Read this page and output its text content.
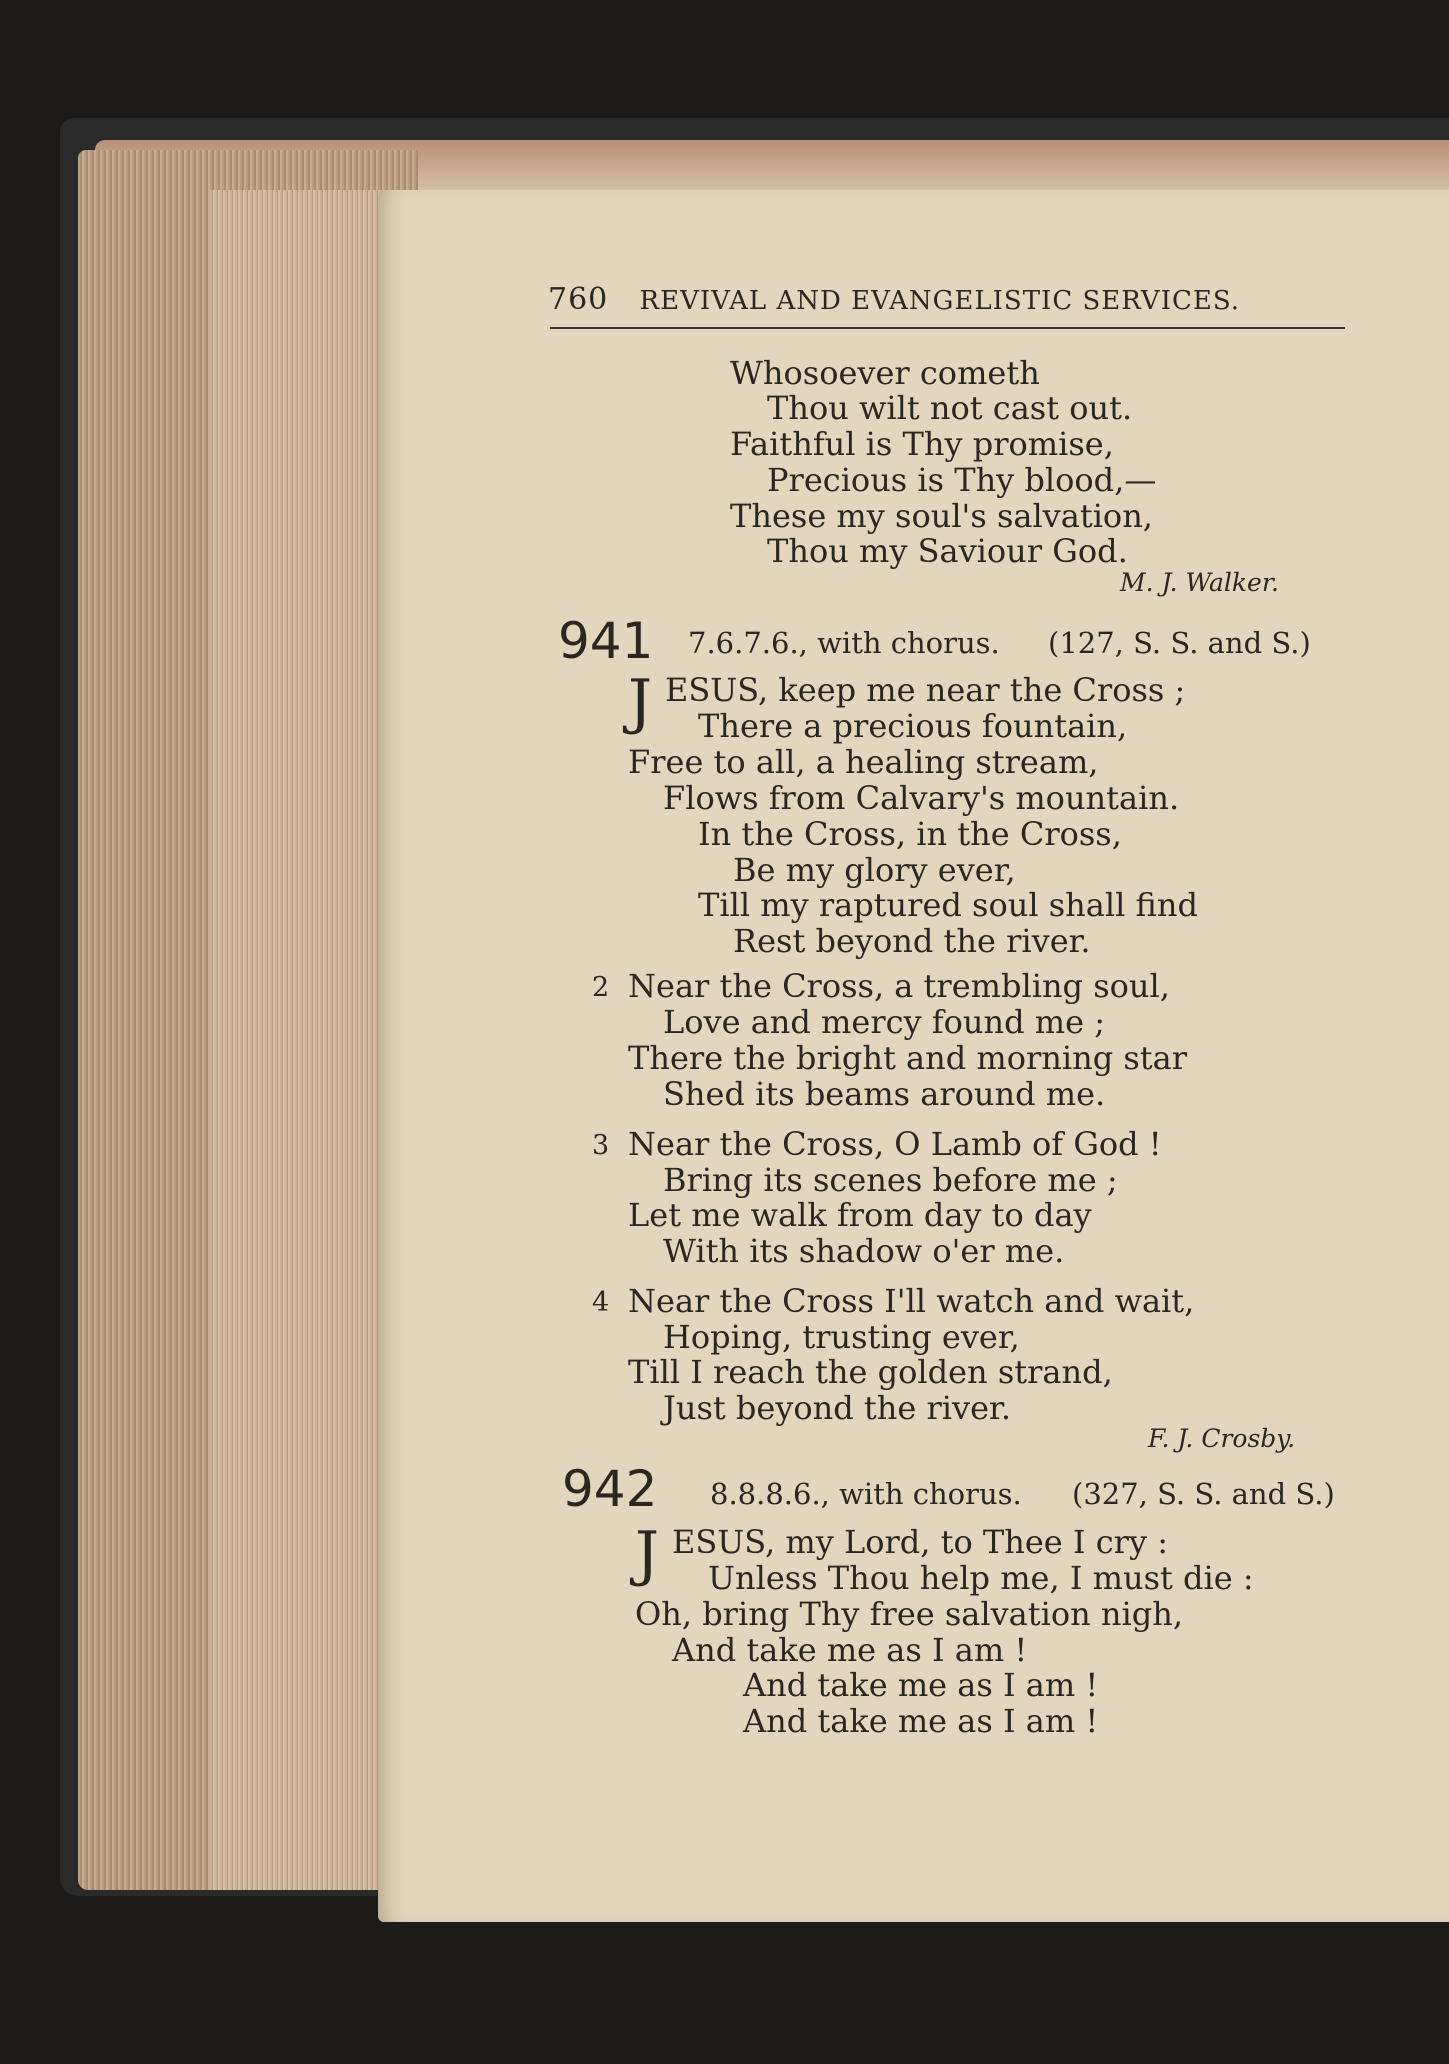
760 REVIVAL AND EVANGELISTIC SERVICES.
Whosoever cometh
Thou wilt not cast out.
Faithful is Thy promise,
Precious is Thy blood,—
These my soul's salvation,
Thou my Saviour God.
M. J. Walker.
941 7.6.7.6., with chorus. (127, S. S. and S.)
J ESUS, keep me near the Cross ;
There a precious fountain,
Free to all, a healing stream,
Flows from Calvary's mountain.
In the Cross, in the Cross,
Be my glory ever,
Till my raptured soul shall find
Rest beyond the river.
2 Near the Cross, a trembling soul,
Love and mercy found me ;
There the bright and morning star
Shed its beams around me.
3 Near the Cross, O Lamb of God !
Bring its scenes before me ;
Let me walk from day to day
With its shadow o'er me.
4 Near the Cross I'll watch and wait,
Hoping, trusting ever,
Till I reach the golden strand,
Just beyond the river.
F. J. Crosby.
942 8.8.8.6., with chorus. (327, S. S. and S.)
J ESUS, my Lord, to Thee I cry :
Unless Thou help me, I must die :
Oh, bring Thy free salvation nigh,
And take me as I am !
And take me as I am !
And take me as I am !
